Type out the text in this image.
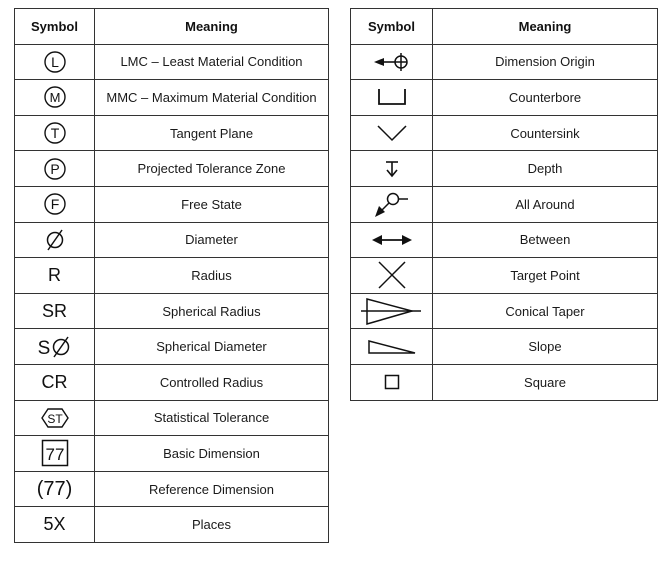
Symbol	Meaning

L	LMC – Least Material Condition

M	MMC – Maximum Material Condition

T	Tangent Plane

P	Projected Tolerance Zone

F	Free State

	Diameter
R	Radius
SR	Spherical Radius

S	Spherical Diameter
CR	Controlled Radius

ST	Statistical Tolerance

77	Basic Dimension
(77)	Reference Dimension
5X	Places
Symbol	Meaning

	Dimension Origin

	Counterbore

	Countersink

	Depth

	All Around

	Between

	Target Point

	Conical Taper

	Slope

	Square
